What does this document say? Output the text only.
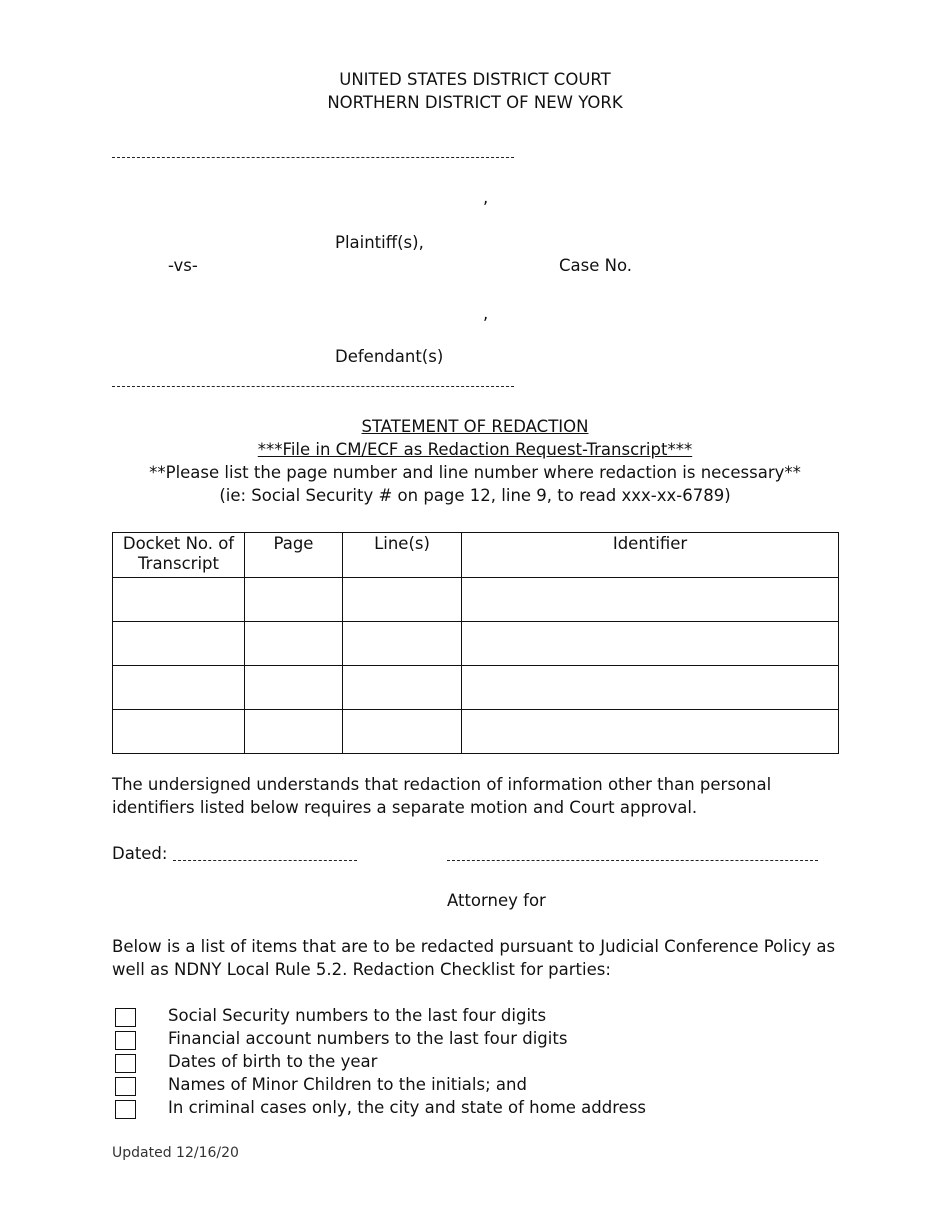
UNITED STATES DISTRICT COURT
NORTHERN DISTRICT OF NEW YORK
,
Plaintiff(s),
-vs-	Case No.
,
Defendant(s)
STATEMENT OF REDACTION
***File in CM/ECF as Redaction Request-Transcript***
**Please list the page number and line number where redaction is necessary**
(ie: Social Security # on page 12, line 9, to read xxx-xx-6789)
Docket No. of Transcript	Page	Line(s)	Identifier

The undersigned understands that redaction of information other than personal
identifiers listed below requires a separate motion and Court approval.
Dated:
Attorney for
Below is a list of items that are to be redacted pursuant to Judicial Conference Policy as
well as NDNY Local Rule 5.2. Redaction Checklist for parties:
Social Security numbers to the last four digits
Financial account numbers to the last four digits
Dates of birth to the year
Names of Minor Children to the initials; and
In criminal cases only, the city and state of home address
Updated 12/16/20
